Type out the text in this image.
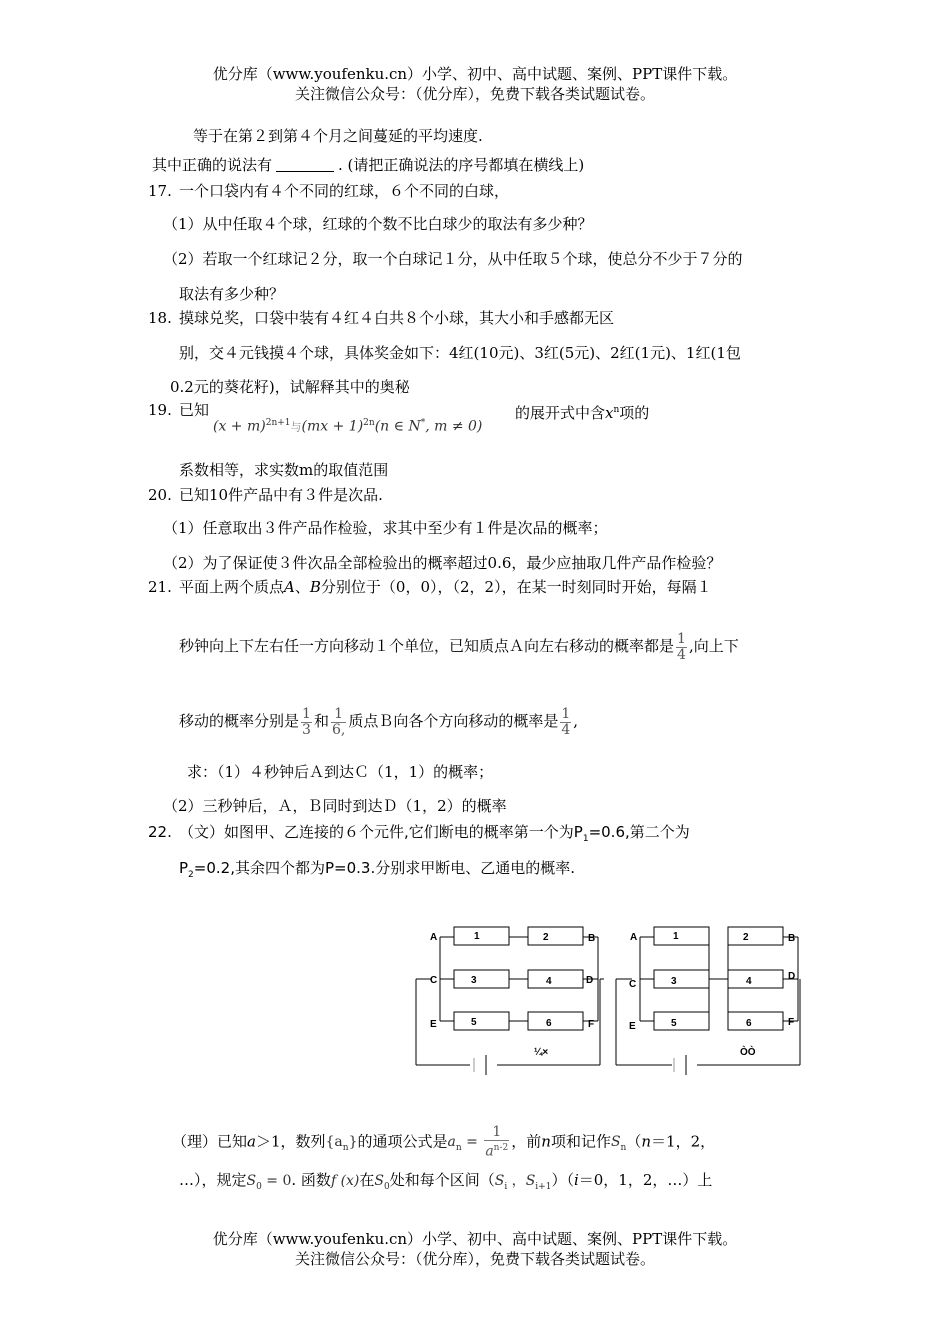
优分库（www.youfenku.cn）小学、初中、高中试题、案例、PPT课件下载。
关注微信公众号：（优分库），免费下载各类试题试卷。
等于在第２到第４个月之间蔓延的平均速度.
其中正确的说法有	. (请把正确说法的序号都填在横线上)
17. 一个口袋内有４个不同的红球，６个不同的白球，
（1）从中任取４个球，红球的个数不比白球少的取法有多少种？
（2）若取一个红球记２分，取一个白球记１分，从中任取５个球，使总分不少于７分的
取法有多少种？
18. 摸球兑奖，口袋中装有４红４白共８个小球，其大小和手感都无区
别，交４元钱摸４个球，具体奖金如下：4红(10元)、3红(5元)、2红(1元)、1红(1包
0.2元的葵花籽)，试解释其中的奥秘
19. 已知
$(x + m)^{2n+1}$与(mx + 1)$^{2n}$(n ∈ N*, m ≠ 0)
的展开式中含$x^n$项的
系数相等，求实数m的取值范围
20. 已知10件产品中有３件是次品.
（1）任意取出３件产品作检验，求其中至少有１件是次品的概率；
（2）为了保证使３件次品全部检验出的概率超过0.6，最少应抽取几件产品作检验？
21. 平面上两个质点A、B分别位于（0，0），（2，2），在某一时刻同时开始，每隔１
秒钟向上下左右任一方向移动１个单位，已知质点Ａ向左右移动的概率都是 $\frac{1}{4}$ ,向上下
移动的概率分别是 $\frac{1}{3}$ 和 $\frac{1}{6,}$ 质点Ｂ向各个方向移动的概率是 $\frac{1}{4}$ ,
求：（1）４秒钟后Ａ到达Ｃ（1，1）的概率；
（2）三秒钟后，Ａ，Ｂ同时到达Ｄ（1，2）的概率
22. （文）如图甲、乙连接的６个元件,它们断电的概率第一个为$P_1=0.6$,第二个为
$P_2=0.2$,其余四个都为P=0.3.分别求甲断电、乙通电的概率.
A	B
C	D
E	F
1	2
3	4
5	6
¼×
A	B
C
D
E	F
1	2
3	4
5	6
ÒÒ
（理）已知a＞1，数列$\{a_n\}$的通项公式是$a_n = \frac{1}{a^{n-2}}$ ，前n项和记作$S_n(n=1$，2，
…），规定$S_0 = 0$. 函数f (x)在$S_0$处和每个区间（$S_i$ ，$S_{i+1})(i=0$，1，2，…）上
优分库（www.youfenku.cn）小学、初中、高中试题、案例、PPT课件下载。
关注微信公众号：（优分库），免费下载各类试题试卷。
